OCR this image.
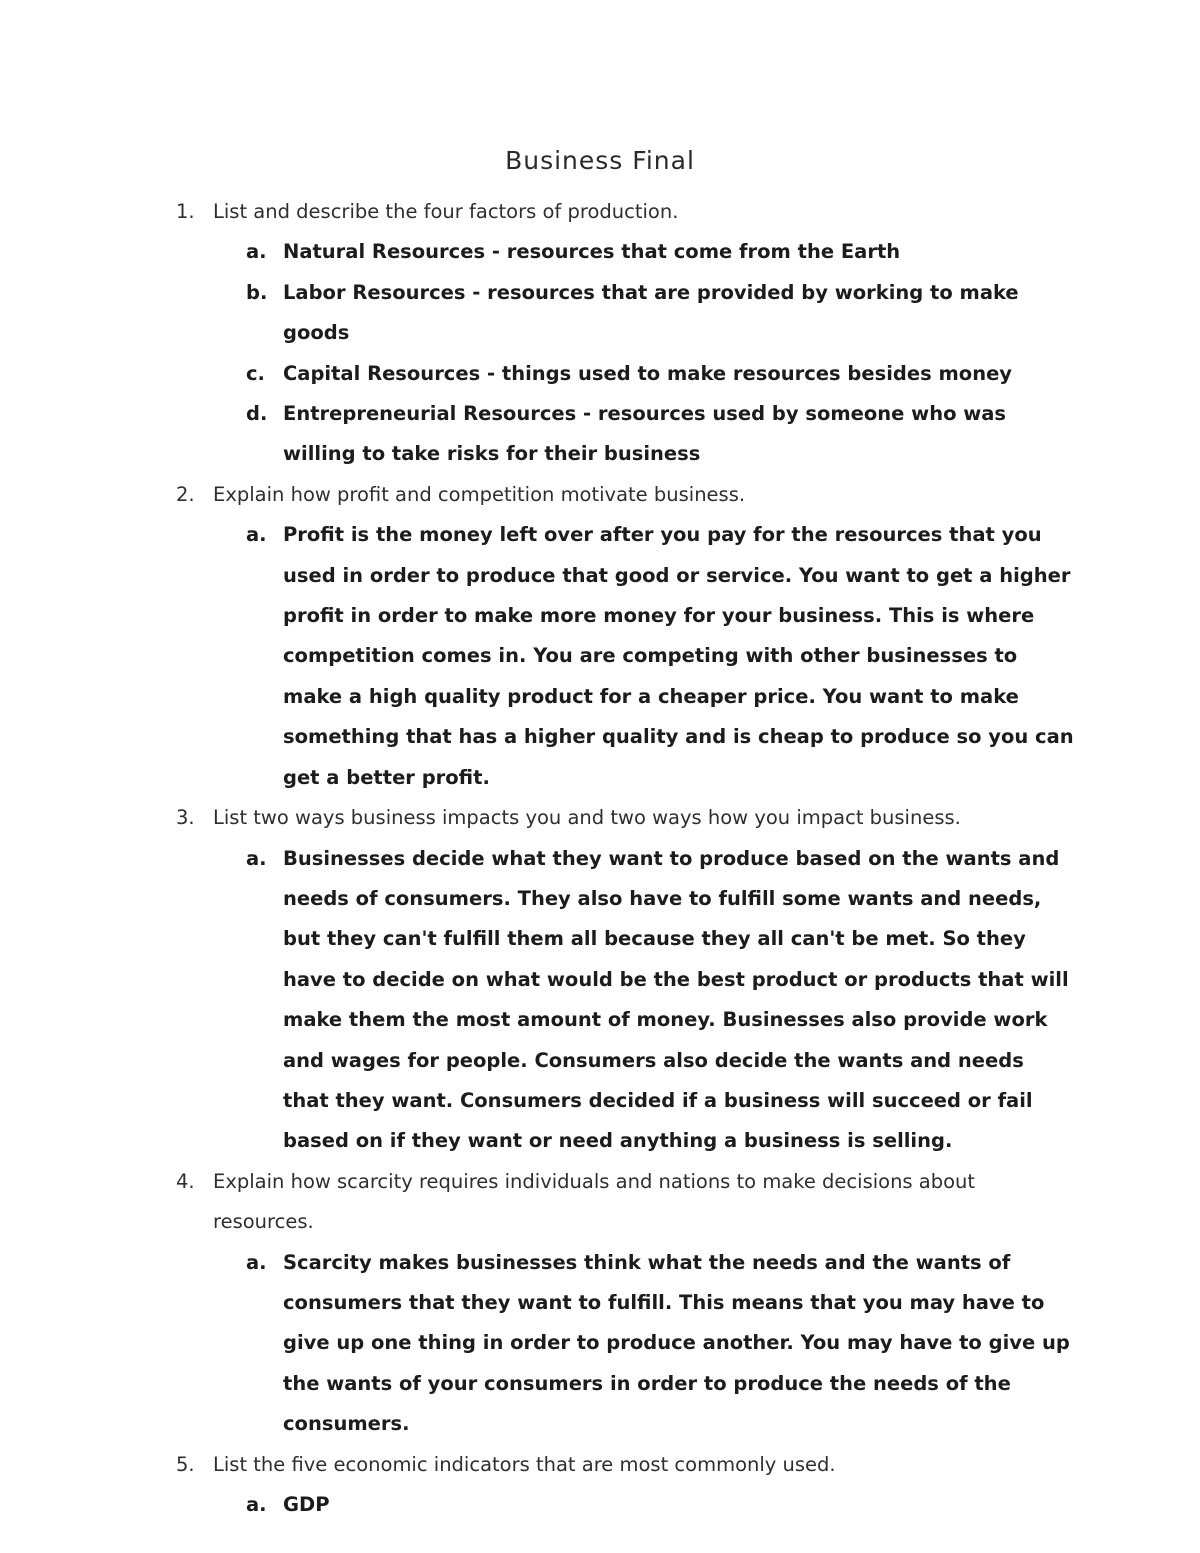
Business Final
1. List and describe the four factors of production.
a. Natural Resources - resources that come from the Earth
b. Labor Resources - resources that are provided by working to make goods
c. Capital Resources - things used to make resources besides money
d. Entrepreneurial Resources - resources used by someone who was willing to take risks for their business
2. Explain how profit and competition motivate business.
a. Profit is the money left over after you pay for the resources that you used in order to produce that good or service. You want to get a higher profit in order to make more money for your business. This is where competition comes in. You are competing with other businesses to make a high quality product for a cheaper price. You want to make something that has a higher quality and is cheap to produce so you can get a better profit.
3. List two ways business impacts you and two ways how you impact business.
a. Businesses decide what they want to produce based on the wants and needs of consumers. They also have to fulfill some wants and needs, but they can't fulfill them all because they all can't be met. So they have to decide on what would be the best product or products that will make them the most amount of money. Businesses also provide work and wages for people. Consumers also decide the wants and needs that they want. Consumers decided if a business will succeed or fail based on if they want or need anything a business is selling.
4. Explain how scarcity requires individuals and nations to make decisions about resources.
a. Scarcity makes businesses think what the needs and the wants of consumers that they want to fulfill. This means that you may have to give up one thing in order to produce another. You may have to give up the wants of your consumers in order to produce the needs of the consumers.
5. List the five economic indicators that are most commonly used.
a. GDP
